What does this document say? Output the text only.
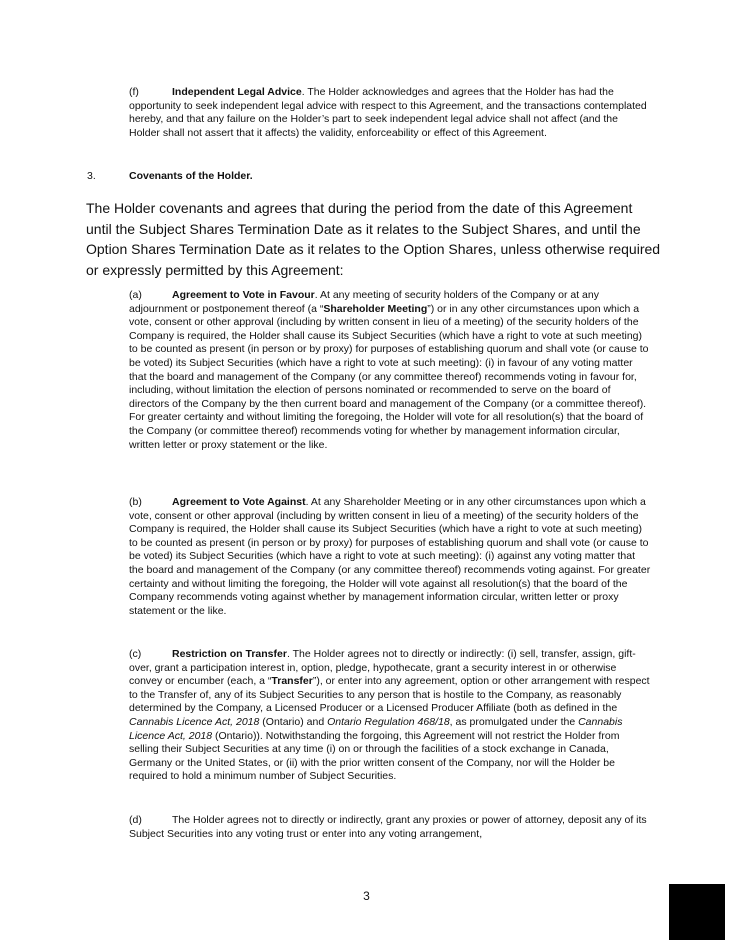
(f)	Independent Legal Advice. The Holder acknowledges and agrees that the Holder has had the opportunity to seek independent legal advice with respect to this Agreement, and the transactions contemplated hereby, and that any failure on the Holder’s part to seek independent legal advice shall not affect (and the Holder shall not assert that it affects) the validity, enforceability or effect of this Agreement.

3.	Covenants of the Holder.

The Holder covenants and agrees that during the period from the date of this Agreement until the Subject Shares Termination Date as it relates to the Subject Shares, and until the Option Shares Termination Date as it relates to the Option Shares, unless otherwise required or expressly permitted by this Agreement:

(a)	Agreement to Vote in Favour. At any meeting of security holders of the Company or at any adjournment or postponement thereof (a “Shareholder Meeting”) or in any other circumstances upon which a vote, consent or other approval (including by written consent in lieu of a meeting) of the security holders of the Company is required, the Holder shall cause its Subject Securities (which have a right to vote at such meeting) to be counted as present (in person or by proxy) for purposes of establishing quorum and shall vote (or cause to be voted) its Subject Securities (which have a right to vote at such meeting): (i) in favour of any voting matter that the board and management of the Company (or any committee thereof) recommends voting in favour for, including, without limitation the election of persons nominated or recommended to serve on the board of directors of the Company by the then current board and management of the Company (or a committee thereof). For greater certainty and without limiting the foregoing, the Holder will vote for all resolution(s) that the board of the Company (or committee thereof) recommends voting for whether by management information circular, written letter or proxy statement or the like.

(b)	Agreement to Vote Against. At any Shareholder Meeting or in any other circumstances upon which a vote, consent or other approval (including by written consent in lieu of a meeting) of the security holders of the Company is required, the Holder shall cause its Subject Securities (which have a right to vote at such meeting) to be counted as present (in person or by proxy) for purposes of establishing quorum and shall vote (or cause to be voted) its Subject Securities (which have a right to vote at such meeting): (i) against any voting matter that the board and management of the Company (or any committee thereof) recommends voting against. For greater certainty and without limiting the foregoing, the Holder will vote against all resolution(s) that the board of the Company recommends voting against whether by management information circular, written letter or proxy statement or the like.

(c)	Restriction on Transfer. The Holder agrees not to directly or indirectly: (i) sell, transfer, assign, gift-over, grant a participation interest in, option, pledge, hypothecate, grant a security interest in or otherwise convey or encumber (each, a “Transfer”), or enter into any agreement, option or other arrangement with respect to the Transfer of, any of its Subject Securities to any person that is hostile to the Company, as reasonably determined by the Company, a Licensed Producer or a Licensed Producer Affiliate (both as defined in the Cannabis Licence Act, 2018 (Ontario) and Ontario Regulation 468/18, as promulgated under the Cannabis Licence Act, 2018 (Ontario)). Notwithstanding the forgoing, this Agreement will not restrict the Holder from selling their Subject Securities at any time (i) on or through the facilities of a stock exchange in Canada, Germany or the United States, or (ii) with the prior written consent of the Company, nor will the Holder be required to hold a minimum number of Subject Securities.

(d)	The Holder agrees not to directly or indirectly, grant any proxies or power of attorney, deposit any of its Subject Securities into any voting trust or enter into any voting arrangement,

3
